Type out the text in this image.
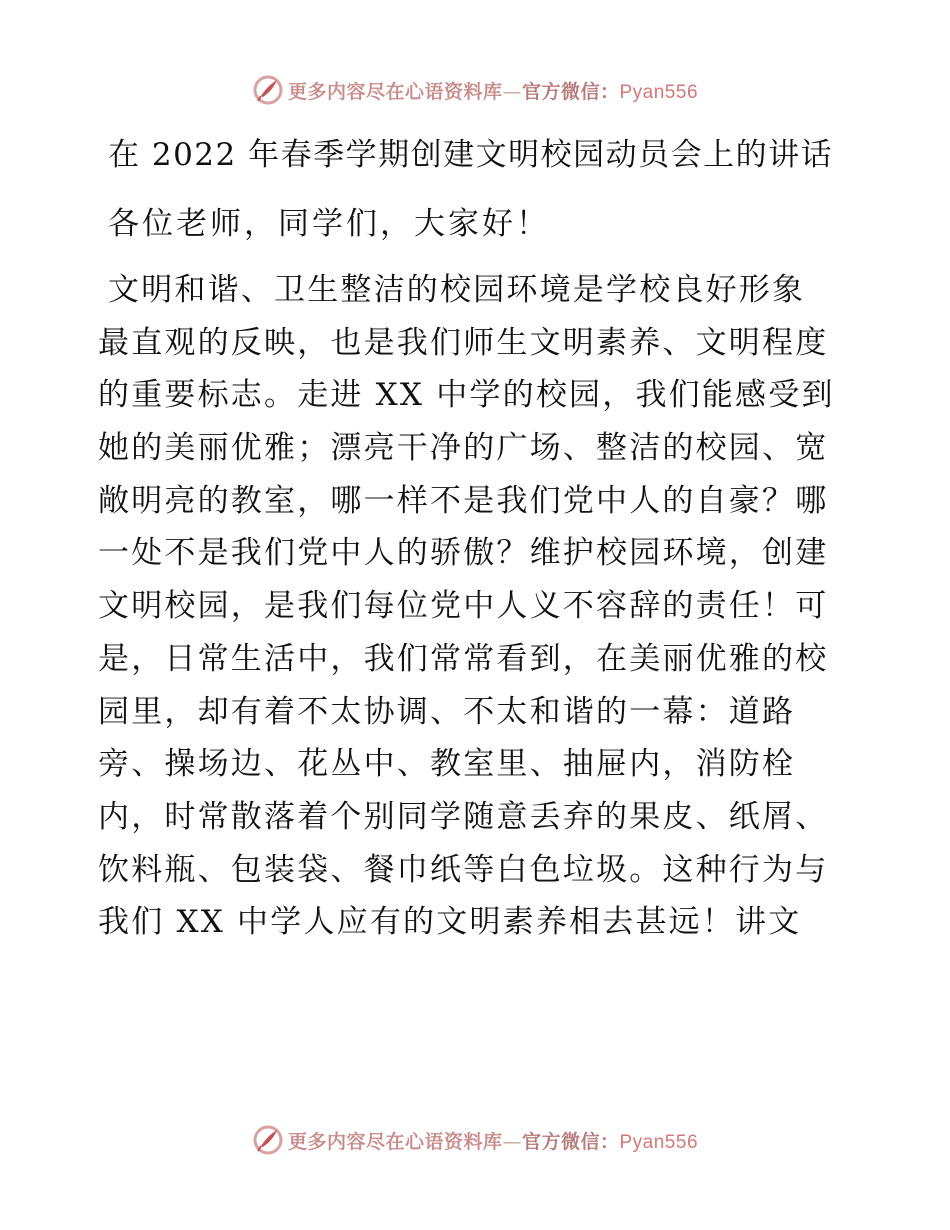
更多内容尽在心语资料库—官方微信：Pyan556
在 2022 年春季学期创建文明校园动员会上的讲话
各位老师，同学们，大家好！
文明和谐、卫生整洁的校园环境是学校良好形象
最直观的反映，也是我们师生文明素养、文明程度
的重要标志。走进 XX 中学的校园，我们能感受到
她的美丽优雅；漂亮干净的广场、整洁的校园、宽
敞明亮的教室，哪一样不是我们党中人的自豪？哪
一处不是我们党中人的骄傲？维护校园环境，创建
文明校园，是我们每位党中人义不容辞的责任！可
是，日常生活中，我们常常看到，在美丽优雅的校
园里，却有着不太协调、不太和谐的一幕：道路
旁、操场边、花丛中、教室里、抽屉内，消防栓
内，时常散落着个别同学随意丢弃的果皮、纸屑、
饮料瓶、包装袋、餐巾纸等白色垃圾。这种行为与
我们 XX 中学人应有的文明素养相去甚远！讲文
更多内容尽在心语资料库—官方微信：Pyan556
